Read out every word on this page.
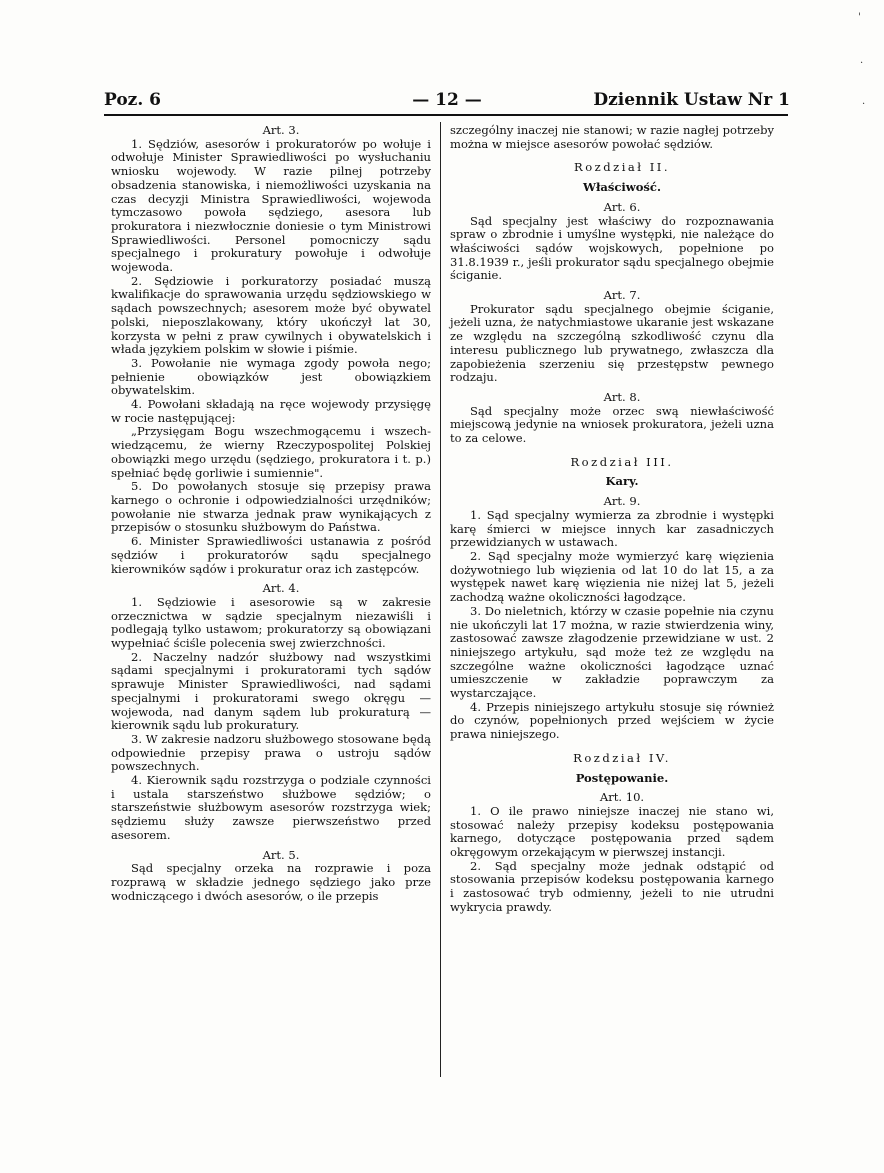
Poz. 6	— 12 —	Dziennik Ustaw Nr 1

Art. 3.

1. Sędziów, asesorów i prokuratorów po wołuje i odwołuje Minister Sprawiedliwości po wysłuchaniu wniosku wojewody. W razie pilnej potrzeby obsadzenia stanowiska, i niemożliwości uzyskania na czas decyzji Ministra Sprawiedliwości, wojewoda tymczasowo powoła sędziego, asesora lub prokuratora i niezwłocznie doniesie o tym Ministrowi Sprawiedliwości. Personel pomocniczy sądu specjalnego i prokuratury powołuje i odwołuje wojewoda.

2. Sędziowie i porkuratorzy posiadać muszą kwalifikacje do sprawowania urzędu sędziowskiego w sądach powszechnych; asesorem może być obywatel polski, nieposzlakowany, który ukończył lat 30, korzysta w pełni z praw cywilnych i obywatelskich i włada językiem polskim w słowie i piśmie.

3. Powołanie nie wymaga zgody powoła nego; pełnienie obowiązków jest obowiązkiem obywatelskim.

4. Powołani składają na ręce wojewody przysięgę w rocie następującej:

„Przysięgam Bogu wszechmogącemu i wszechwiedzącemu, że wierny Rzeczypospolitej Polskiej obowiązki mego urzędu (sędziego, prokuratora i t. p.) spełniać będę gorliwie i sumiennie".

5. Do powołanych stosuje się przepisy prawa karnego o ochronie i odpowiedzialności urzędników; powołanie nie stwarza jednak praw wynikających z przepisów o stosunku służbowym do Państwa.

6. Minister Sprawiedliwości ustanawia z pośród sędziów i prokuratorów sądu specjalnego kierowników sądów i prokuratur oraz ich zastępców.

Art. 4.

1. Sędziowie i asesorowie są w zakresie orzecznictwa w sądzie specjalnym niezawiśli i podlegają tylko ustawom; prokuratorzy są obowiązani wypełniać ściśle polecenia swej zwierzchności.

2. Naczelny nadzór służbowy nad wszystkimi sądami specjalnymi i prokuratorami tych sądów sprawuje Minister Sprawiedliwości, nad sądami specjalnymi i prokuratorami swego okręgu — wojewoda, nad danym sądem lub prokuraturą — kierownik sądu lub prokuratury.

3. W zakresie nadzoru służbowego stosowane będą odpowiednie przepisy prawa o ustroju sądów powszechnych.

4. Kierownik sądu rozstrzyga o podziale czynności i ustala starszeństwo służbowe sędziów; o starszeństwie służbowym asesorów rozstrzyga wiek; sędziemu służy zawsze pierwszeństwo przed asesorem.

Art. 5.

Sąd specjalny orzeka na rozprawie i poza rozprawą w składzie jednego sędziego jako prze wodniczącego i dwóch asesorów, o ile przepis

szczególny inaczej nie stanowi; w razie nagłej potrzeby można w miejsce asesorów powołać sędziów.

Rozdział II.

Właściwość.

Art. 6.

Sąd specjalny jest właściwy do rozpoznawania spraw o zbrodnie i umyślne występki, nie należące do właściwości sądów wojskowych, popełnione po 31.8.1939 r., jeśli prokurator sądu specjalnego obejmie ściganie.

Art. 7.

Prokurator sądu specjalnego obejmie ściganie, jeżeli uzna, że natychmiastowe ukaranie jest wskazane ze względu na szczególną szkodliwość czynu dla interesu publicznego lub prywatnego, zwłaszcza dla zapobieżenia szerzeniu się przestępstw pewnego rodzaju.

Art. 8.

Sąd specjalny może orzec swą niewłaściwość miejscową jedynie na wniosek prokuratora, jeżeli uzna to za celowe.

Rozdział III.

Kary.

Art. 9.

1. Sąd specjalny wymierza za zbrodnie i występki karę śmierci w miejsce innych kar zasadniczych przewidzianych w ustawach.

2. Sąd specjalny może wymierzyć karę więzienia dożywotniego lub więzienia od lat 10 do lat 15, a za występek nawet karę więzienia nie niżej lat 5, jeżeli zachodzą ważne okoliczności łagodzące.

3. Do nieletnich, którzy w czasie popełnie nia czynu nie ukończyli lat 17 można, w razie stwierdzenia winy, zastosować zawsze złagodzenie przewidziane w ust. 2 niniejszego artykułu, sąd może też ze względu na szczególne ważne okoliczności łagodzące uznać umieszczenie w zakładzie poprawczym za wystarczające.

4. Przepis niniejszego artykułu stosuje się również do czynów, popełnionych przed wejściem w życie prawa niniejszego.

Rozdział IV.

Postępowanie.

Art. 10.

1. O ile prawo niniejsze inaczej nie stano wi, stosować należy przepisy kodeksu postępowania karnego, dotyczące postępowania przed sądem okręgowym orzekającym w pierwszej instancji.

2. Sąd specjalny może jednak odstąpić od stosowania przepisów kodeksu postępowania karnego i zastosować tryb odmienny, jeżeli to nie utrudni wykrycia prawdy.

'
.
.
